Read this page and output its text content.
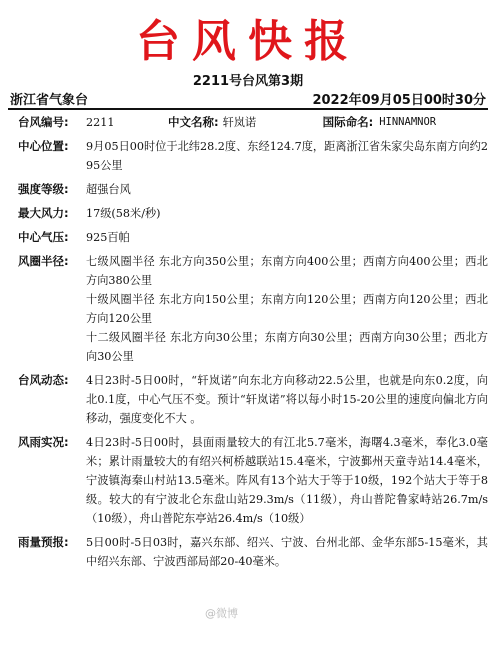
台风快报
2211号台风第3期
浙江省气象台	2022年09月05日00时30分
台风编号:	2211	中文名称: 轩岚诺	国际命名: HINNAMNOR
中心位置:	9月05日00时位于北纬28.2度、东经124.7度，距离浙江省朱家尖岛东南方向约295公里
强度等级:	超强台风
最大风力:	17级(58米/秒)
中心气压:	925百帕
风圈半径:	七级风圈半径 东北方向350公里；东南方向400公里；西南方向400公里；西北方向380公里
十级风圈半径 东北方向150公里；东南方向120公里；西南方向120公里；西北方向120公里
十二级风圈半径 东北方向30公里；东南方向30公里；西南方向30公里；西北方向30公里
台风动态:	4日23时-5日00时，“轩岚诺”向东北方向移动22.5公里，也就是向东0.2度，向北0.1度，中心气压不变。预计“轩岚诺”将以每小时15-20公里的速度向偏北方向移动，强度变化不大 。
风雨实况:	4日23时-5日00时，县面雨量较大的有江北5.7毫米，海曙4.3毫米，奉化3.0毫米；累计雨量较大的有绍兴柯桥越联站15.4毫米，宁波鄞州天童寺站14.4毫米，宁波镇海秦山村站13.5毫米。阵风有13个站大于等于10级，192个站大于等于8级。较大的有宁波北仑东盘山站29.3m/s（11级），舟山普陀鲁家峙站26.7m/s（10级），舟山普陀东亭站26.4m/s（10级）
雨量预报:	5日00时-5日03时，嘉兴东部、绍兴、宁波、台州北部、金华东部5-15毫米，其中绍兴东部、宁波西部局部20-40毫米。
@微博
